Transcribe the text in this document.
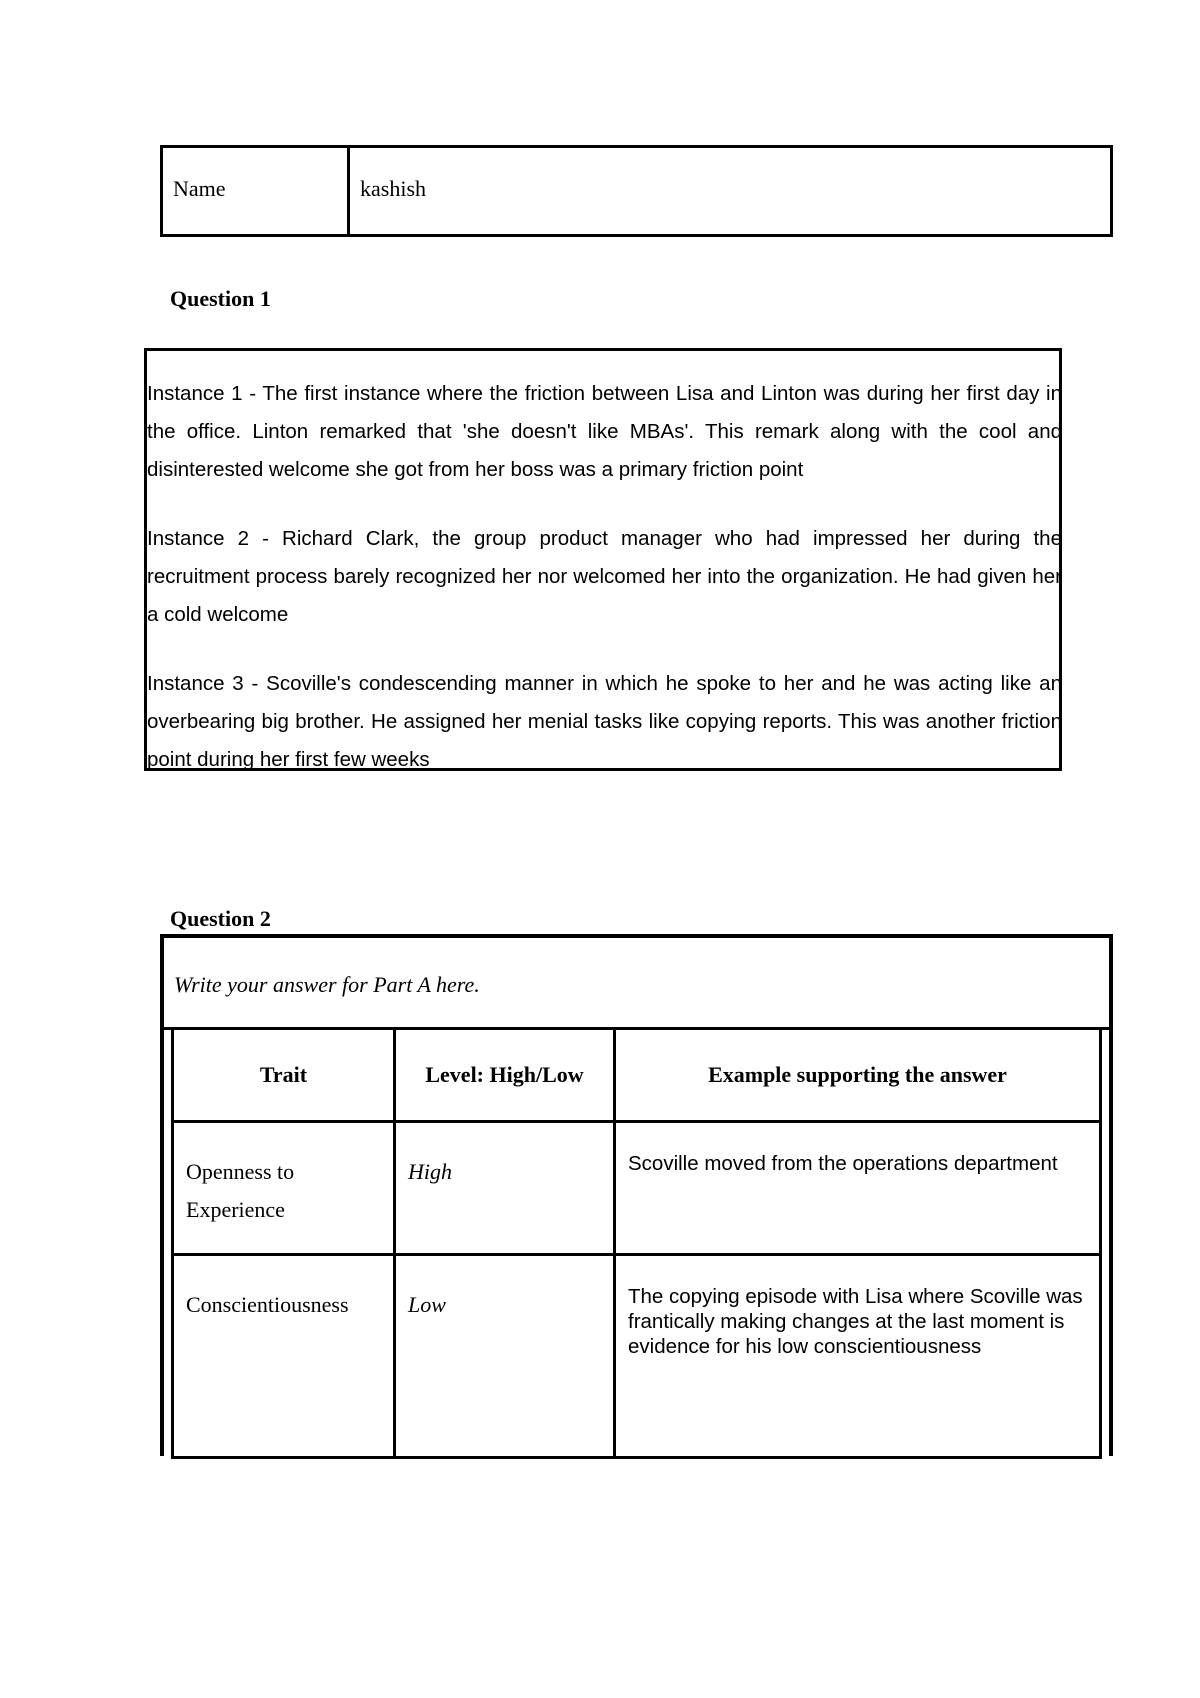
Name	kashish
Question 1
Instance 1 - The first instance where the friction between Lisa and Linton was during her first day in the office. Linton remarked that 'she doesn't like MBAs'. This remark along with the cool and disinterested welcome she got from her boss was a primary friction point
Instance 2 - Richard Clark, the group product manager who had impressed her during the recruitment process barely recognized her nor welcomed her into the organization. He had given her a cold welcome
Instance 3 - Scoville's condescending manner in which he spoke to her and he was acting like an overbearing big brother. He assigned her menial tasks like copying reports. This was another friction point during her first few weeks
Question 2
Write your answer for Part A here.
Trait	Level: High/Low	Example supporting the answer

Openness to Experience	High	Scoville moved from the operations department

Conscientiousness	Low	The copying episode with Lisa where Scoville was frantically making changes at the last moment is evidence for his low conscientiousness
